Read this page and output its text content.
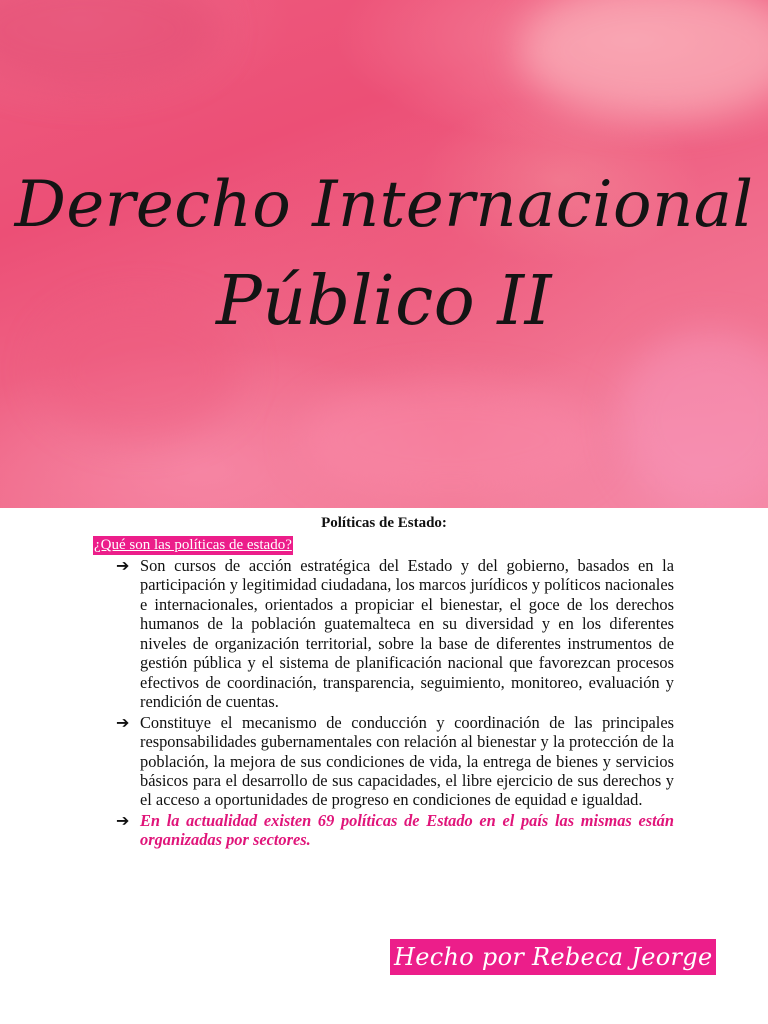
Derecho Internacional
Público II
Políticas de Estado:
¿Qué son las políticas de estado?
➔ Son cursos de acción estratégica del Estado y del gobierno, basados en la participación y legitimidad ciudadana, los marcos jurídicos y políticos nacionales e internacionales, orientados a propiciar el bienestar, el goce de los derechos humanos de la población guatemalteca en su diversidad y en los diferentes niveles de organización territorial, sobre la base de diferentes instrumentos de gestión pública y el sistema de planificación nacional que favorezcan procesos efectivos de coordinación, transparencia, seguimiento, monitoreo, evaluación y rendición de cuentas.
➔ Constituye el mecanismo de conducción y coordinación de las principales responsabilidades gubernamentales con relación al bienestar y la protección de la población, la mejora de sus condiciones de vida, la entrega de bienes y servicios básicos para el desarrollo de sus capacidades, el libre ejercicio de sus derechos y el acceso a oportunidades de progreso en condiciones de equidad e igualdad.
➔ En la actualidad existen 69 políticas de Estado en el país las mismas están organizadas por sectores.
Hecho por Rebeca Jeorge
